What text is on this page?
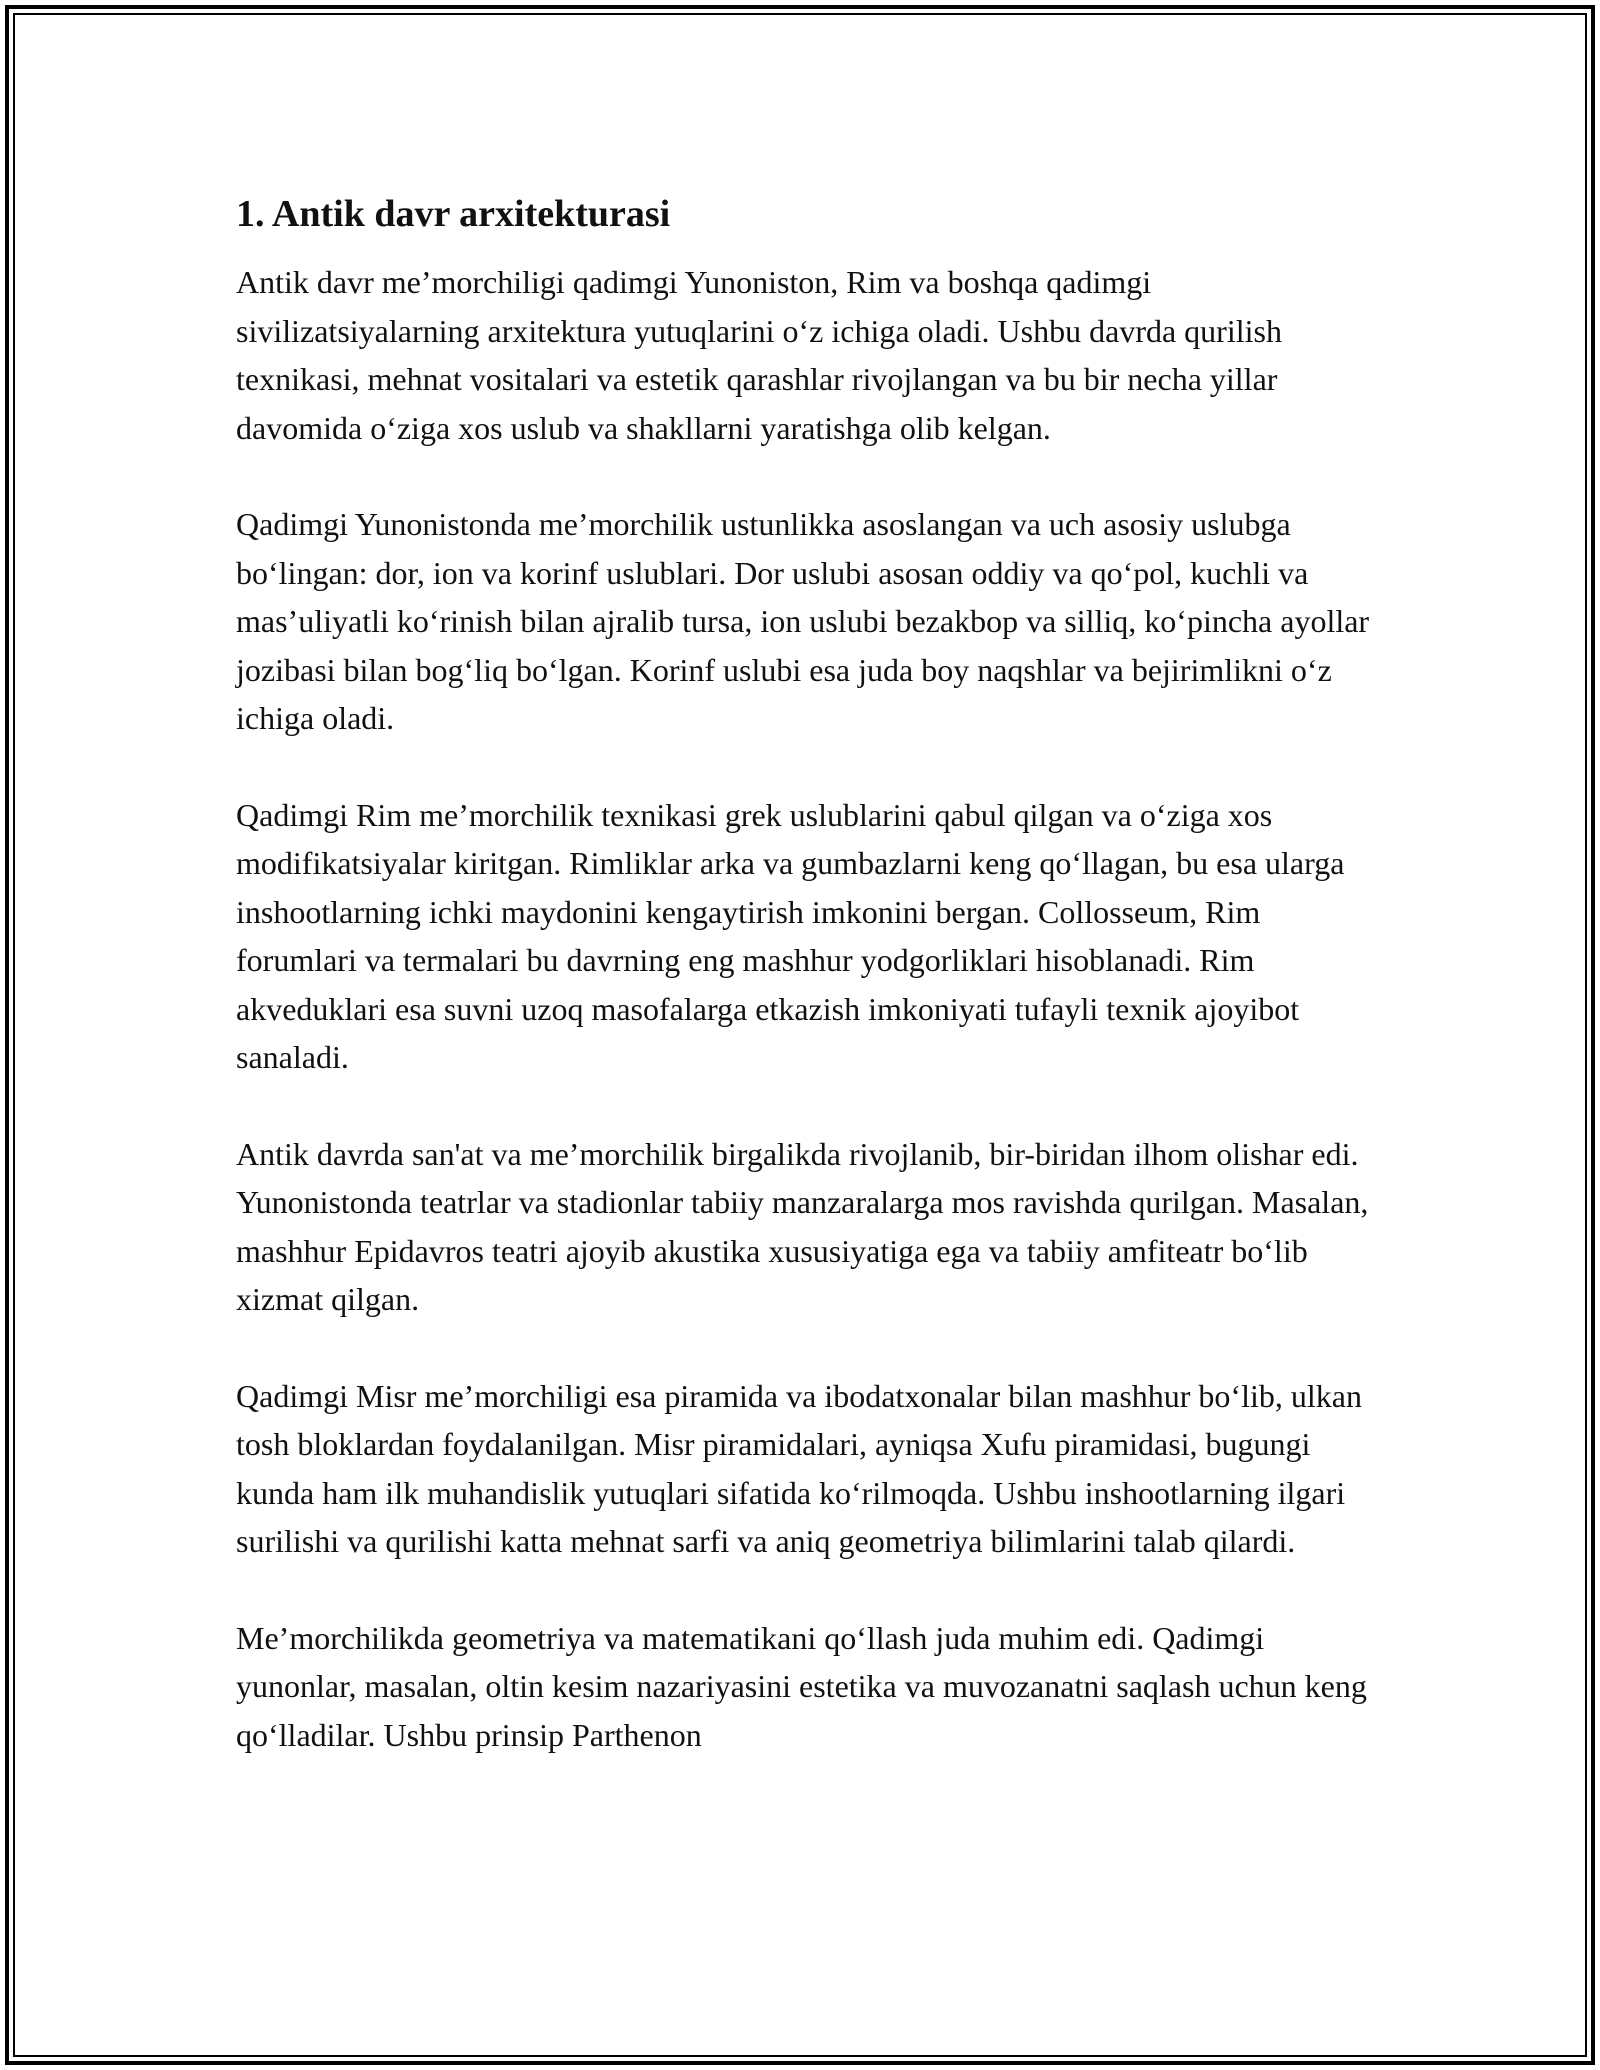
1. Antik davr arxitekturasi

Antik davr me’morchiligi qadimgi Yunoniston, Rim va boshqa qadimgi sivilizatsiyalarning arxitektura yutuqlarini o‘z ichiga oladi. Ushbu davrda qurilish texnikasi, mehnat vositalari va estetik qarashlar rivojlangan va bu bir necha yillar davomida o‘ziga xos uslub va shakllarni yaratishga olib kelgan.

Qadimgi Yunonistonda me’morchilik ustunlikka asoslangan va uch asosiy uslubga bo‘lingan: dor, ion va korinf uslublari. Dor uslubi asosan oddiy va qo‘pol, kuchli va mas’uliyatli ko‘rinish bilan ajralib tursa, ion uslubi bezakbop va silliq, ko‘pincha ayollar jozibasi bilan bog‘liq bo‘lgan. Korinf uslubi esa juda boy naqshlar va bejirimlikni o‘z ichiga oladi.

Qadimgi Rim me’morchilik texnikasi grek uslublarini qabul qilgan va o‘ziga xos modifikatsiyalar kiritgan. Rimliklar arka va gumbazlarni keng qo‘llagan, bu esa ularga inshootlarning ichki maydonini kengaytirish imkonini bergan. Collosseum, Rim forumlari va termalari bu davrning eng mashhur yodgorliklari hisoblanadi. Rim akveduklari esa suvni uzoq masofalarga etkazish imkoniyati tufayli texnik ajoyibot sanaladi.

Antik davrda san'at va me’morchilik birgalikda rivojlanib, bir-biridan ilhom olishar edi. Yunonistonda teatrlar va stadionlar tabiiy manzaralarga mos ravishda qurilgan. Masalan, mashhur Epidavros teatri ajoyib akustika xususiyatiga ega va tabiiy amfiteatr bo‘lib xizmat qilgan.

Qadimgi Misr me’morchiligi esa piramida va ibodatxonalar bilan mashhur bo‘lib, ulkan tosh bloklardan foydalanilgan. Misr piramidalari, ayniqsa Xufu piramidasi, bugungi kunda ham ilk muhandislik yutuqlari sifatida ko‘rilmoqda. Ushbu inshootlarning ilgari surilishi va qurilishi katta mehnat sarfi va aniq geometriya bilimlarini talab qilardi.

Me’morchilikda geometriya va matematikani qo‘llash juda muhim edi. Qadimgi yunonlar, masalan, oltin kesim nazariyasini estetika va muvozanatni saqlash uchun keng qo‘lladilar. Ushbu prinsip Parthenon
